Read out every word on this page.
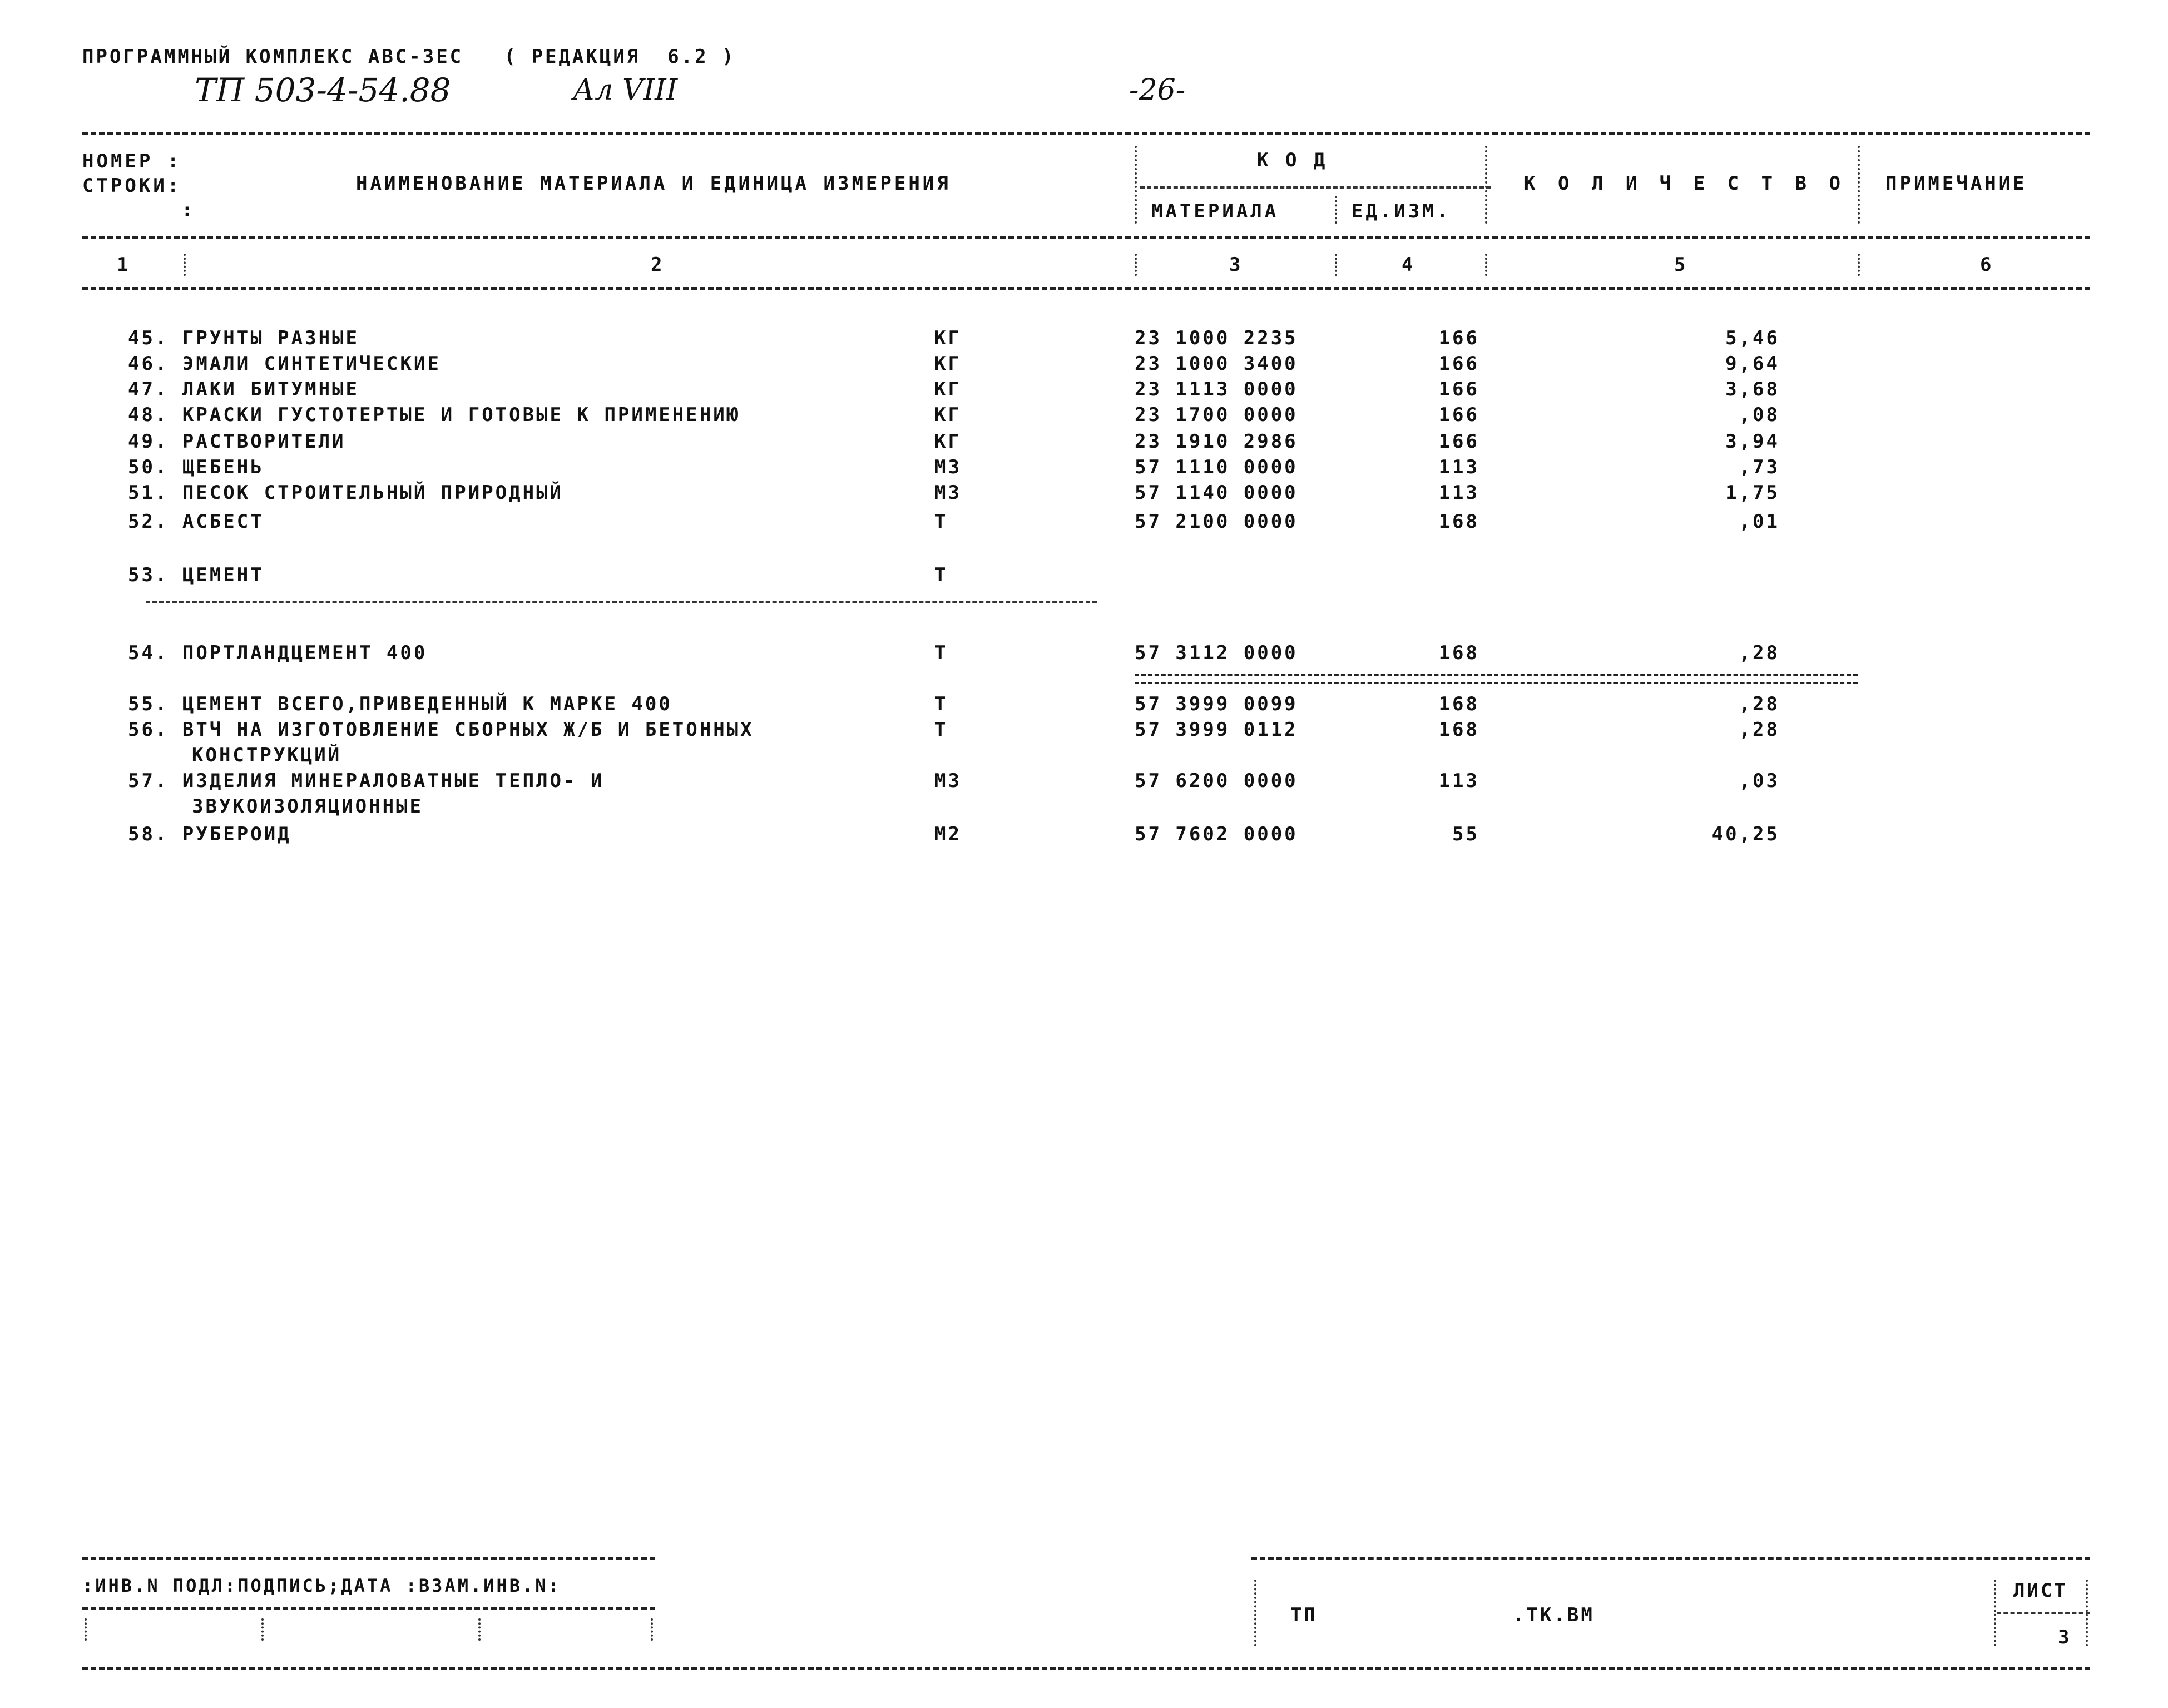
ПРОГРАММНЫЙ КОМПЛЕКС АВС-3ЕС   ( РЕДАКЦИЯ  6.2 )
ТП 503-4-54.88	Ал VIII	-26-
НОМЕР :
СТРОКИ:
:
НАИМЕНОВАНИЕ МАТЕРИАЛА И ЕДИНИЦА ИЗМЕРЕНИЯ
К О Д
МАТЕРИАЛА	ЕД.ИЗМ.
К О Л И Ч Е С Т В О ПРИМЕЧАНИЕ
1	2	3	4	5	6
45. ГРУНТЫ РАЗНЫЕ	КГ	23 1000 2235	166	5,46
46. ЭМАЛИ СИНТЕТИЧЕСКИЕ	КГ	23 1000 3400	166	9,64
47. ЛАКИ БИТУМНЫЕ	КГ	23 1113 0000	166	3,68
48. КРАСКИ ГУСТОТЕРТЫЕ И ГОТОВЫЕ К ПРИМЕНЕНИЮ	КГ	23 1700 0000	166	,08
49. РАСТВОРИТЕЛИ	КГ	23 1910 2986	166	3,94
50. ЩЕБЕНЬ	М3	57 1110 0000	113	,73
51. ПЕСОК СТРОИТЕЛЬНЫЙ ПРИРОДНЫЙ	М3	57 1140 0000	113	1,75
52. АСБЕСТ	Т	57 2100 0000	168	,01
53. ЦЕМЕНТ	Т
54. ПОРТЛАНДЦЕМЕНТ 400	Т	57 3112 0000	168	,28
55. ЦЕМЕНТ ВСЕГО,ПРИВЕДЕННЫЙ К МАРКЕ 400	Т	57 3999 0099	168	,28
56. ВТЧ НА ИЗГОТОВЛЕНИЕ СБОРНЫХ Ж/Б И БЕТОННЫХ	Т	57 3999 0112	168	,28
КОНСТРУКЦИЙ
57. ИЗДЕЛИЯ МИНЕРАЛОВАТНЫЕ ТЕПЛО- И	М3	57 6200 0000	113	,03
ЗВУКОИЗОЛЯЦИОННЫЕ
58. РУБЕРОИД	М2	57 7602 0000	55	40,25
:ИНВ.N ПОДЛ:ПОДПИСЬ;ДАТА :ВЗАМ.ИНВ.N:
ТП	.ТК.ВМ
ЛИСТ
3
